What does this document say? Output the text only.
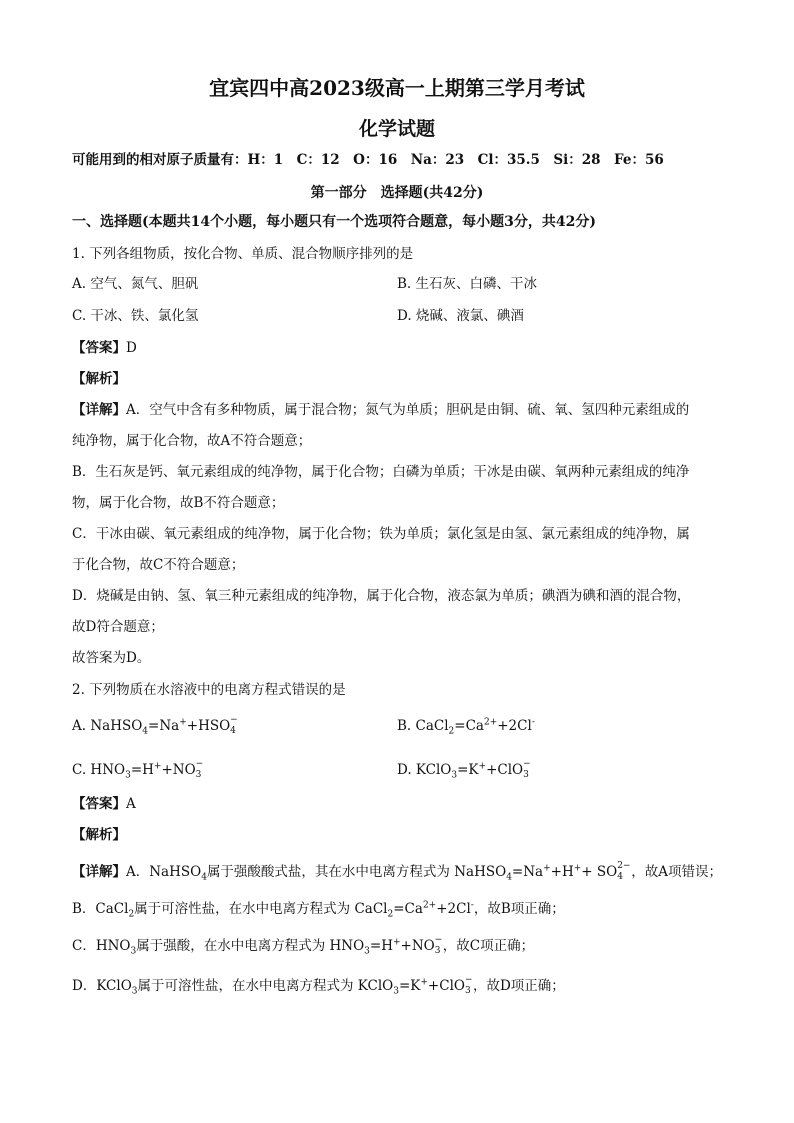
宜宾四中高2023级高一上期第三学月考试
化学试题
可能用到的相对原子质量有：H：1　C：12　O：16　Na：23　Cl：35.5　Si：28　Fe：56
第一部分　选择题(共42分)
一、选择题(本题共14个小题，每小题只有一个选项符合题意，每小题3分，共42分)
1. 下列各组物质，按化合物、单质、混合物顺序排列的是
A. 空气、氮气、胆矾	B. 生石灰、白磷、干冰
C. 干冰、铁、氯化氢	D. 烧碱、液氯、碘酒
【答案】D
【解析】
【详解】A．空气中含有多种物质，属于混合物；氮气为单质；胆矾是由铜、硫、氧、氢四种元素组成的
纯净物，属于化合物，故A不符合题意；
B．生石灰是钙、氧元素组成的纯净物，属于化合物；白磷为单质；干冰是由碳、氧两种元素组成的纯净
物，属于化合物，故B不符合题意；
C．干冰由碳、氧元素组成的纯净物，属于化合物；铁为单质；氯化氢是由氢、氯元素组成的纯净物，属
于化合物，故C不符合题意；
D．烧碱是由钠、氢、氧三种元素组成的纯净物，属于化合物，液态氯为单质；碘酒为碘和酒的混合物，
故D符合题意；
故答案为D。
2. 下列物质在水溶液中的电离方程式错误的是
A. NaHSO$_4$=Na++HSO −
4	B. $CaCl_2=Ca^{2+}+2Cl^-$
C. $HNO_3=H^++NO$ −
3	D. KClO$_3$=K++ClO −
3
【答案】A
【解析】
【详解】A．NaHSO$_4$属于强酸酸式盐，其在水中电离方程式为 NaHSO$_4$=Na++H++ SO 2−
4 ，故A项错误；
B．CaCl$_2$属于可溶性盐，在水中电离方程式为 $CaCl_2=Ca^{2+}+2Cl^-$，故B项正确；
C．$HNO_3$属于强酸，在水中电离方程式为 $HNO_3=H^++NO$ −
3 ，故C项正确；
D．KClO$_3$属于可溶性盐，在水中电离方程式为 KClO$_3$=K++ClO −
3 ，故D项正确；
